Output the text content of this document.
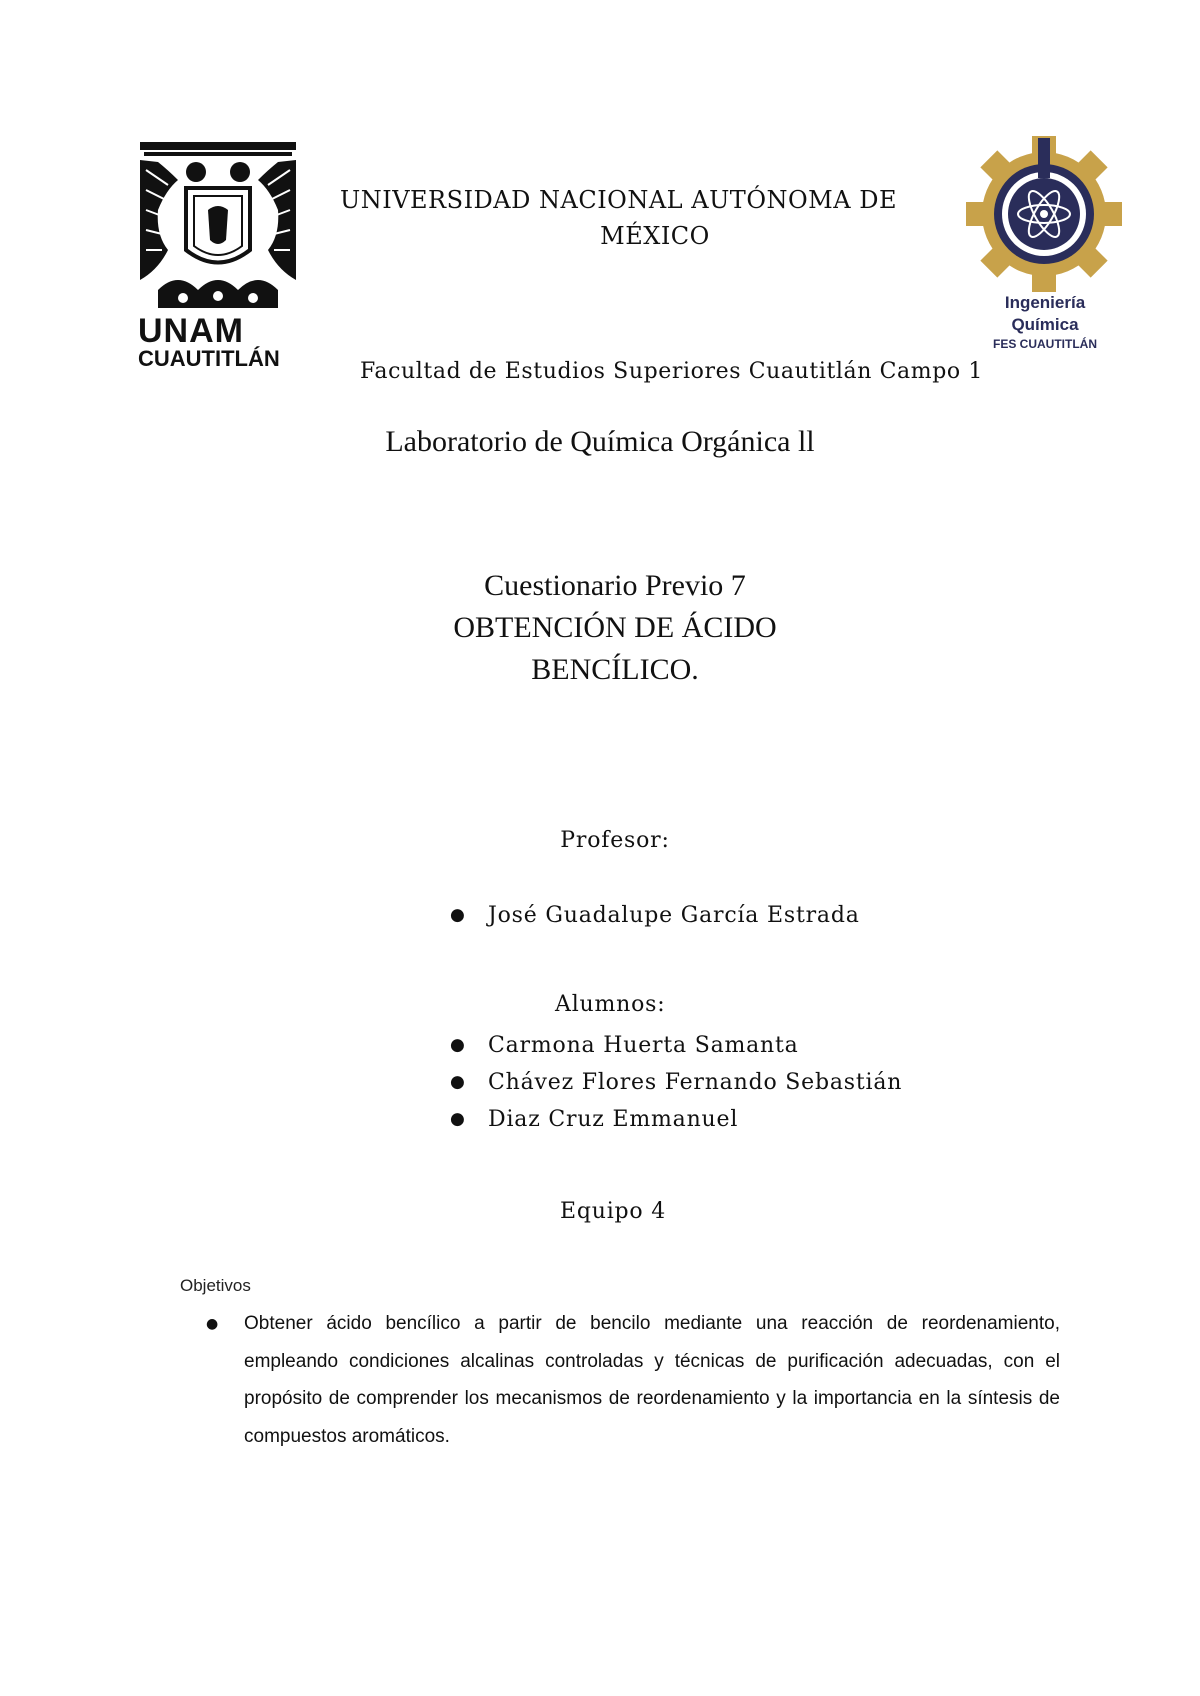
UNAM
CUAUTITLÁN
Ingeniería
Química
FES CUAUTITLÁN
UNIVERSIDAD NACIONAL AUTÓNOMA DE
MÉXICO
Facultad de Estudios Superiores Cuautitlán Campo 1
Laboratorio de Química Orgánica ll
Cuestionario Previo 7
OBTENCIÓN DE ÁCIDO
BENCÍLICO.
Profesor:
● José Guadalupe García Estrada
Alumnos:
● Carmona Huerta Samanta
● Chávez Flores Fernando Sebastián
● Diaz Cruz Emmanuel
Equipo 4
Objetivos
● Obtener ácido bencílico a partir de bencilo mediante una reacción de reordenamiento, empleando condiciones alcalinas controladas y técnicas de purificación adecuadas, con el propósito de comprender los mecanismos de reordenamiento y la importancia en la síntesis de compuestos aromáticos.
